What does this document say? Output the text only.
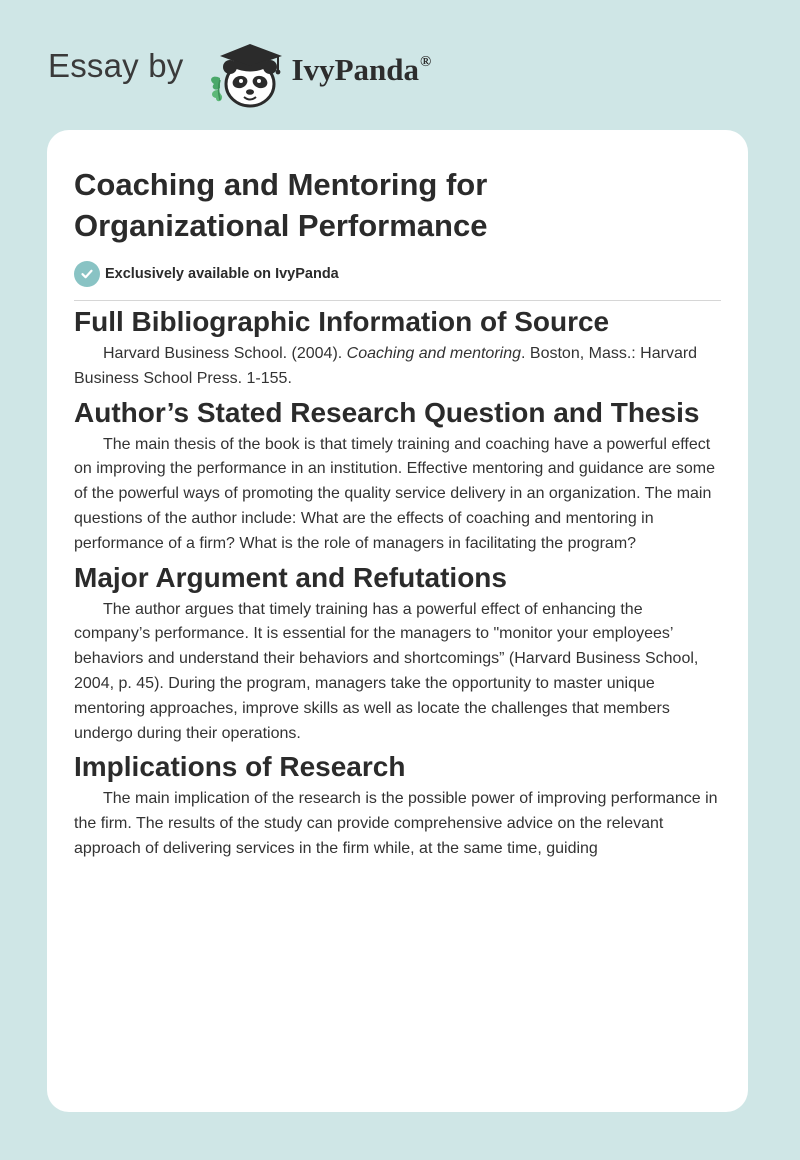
Essay by	IvyPanda®
Coaching and Mentoring for Organizational Performance
Exclusively available on IvyPanda
Full Bibliographic Information of Source

Harvard Business School. (2004). Coaching and mentoring. Boston, Mass.: Harvard Business School Press. 1-155.

Author’s Stated Research Question and Thesis

The main thesis of the book is that timely training and coaching have a powerful effect on improving the performance in an institution. Effective mentoring and guidance are some of the powerful ways of promoting the quality service delivery in an organization. The main questions of the author include: What are the effects of coaching and mentoring in performance of a firm? What is the role of managers in facilitating the program?

Major Argument and Refutations

The author argues that timely training has a powerful effect of enhancing the company’s performance. It is essential for the managers to "monitor your employees’ behaviors and understand their behaviors and shortcomings” (Harvard Business School, 2004, p. 45). During the program, managers take the opportunity to master unique mentoring approaches, improve skills as well as locate the challenges that members undergo during their operations.

Implications of Research

The main implication of the research is the possible power of improving performance in the firm. The results of the study can provide comprehensive advice on the relevant approach of delivering services in the firm while, at the same time, guiding
